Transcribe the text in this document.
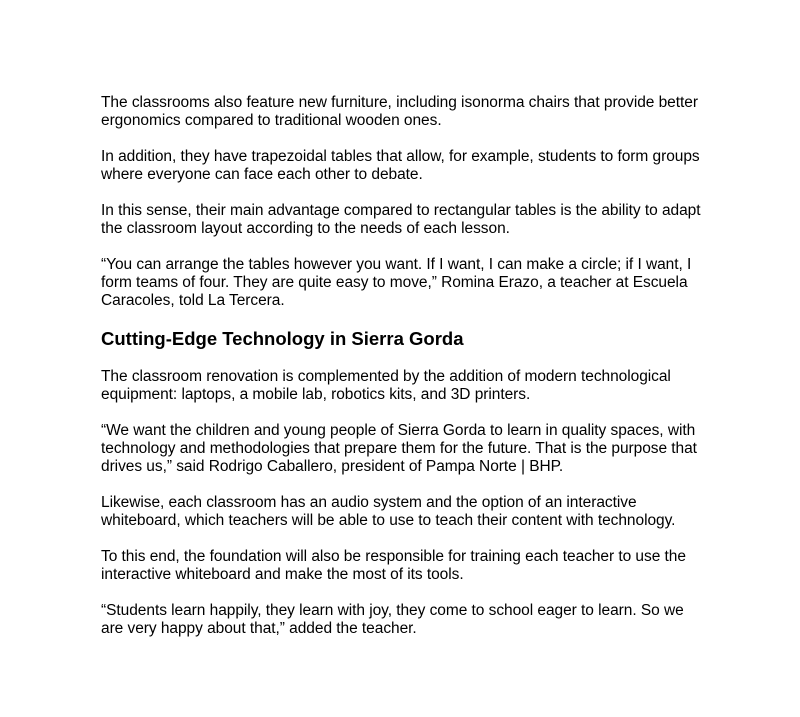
The classrooms also feature new furniture, including isonorma chairs that provide better ergonomics compared to traditional wooden ones.

In addition, they have trapezoidal tables that allow, for example, students to form groups where everyone can face each other to debate.

In this sense, their main advantage compared to rectangular tables is the ability to adapt the classroom layout according to the needs of each lesson.

“You can arrange the tables however you want. If I want, I can make a circle; if I want, I form teams of four. They are quite easy to move,” Romina Erazo, a teacher at Escuela Caracoles, told La Tercera.

Cutting-Edge Technology in Sierra Gorda

The classroom renovation is complemented by the addition of modern technological equipment: laptops, a mobile lab, robotics kits, and 3D printers.

“We want the children and young people of Sierra Gorda to learn in quality spaces, with technology and methodologies that prepare them for the future. That is the purpose that drives us,” said Rodrigo Caballero, president of Pampa Norte | BHP.

Likewise, each classroom has an audio system and the option of an interactive whiteboard, which teachers will be able to use to teach their content with technology.

To this end, the foundation will also be responsible for training each teacher to use the interactive whiteboard and make the most of its tools.

“Students learn happily, they learn with joy, they come to school eager to learn. So we are very happy about that,” added the teacher.
